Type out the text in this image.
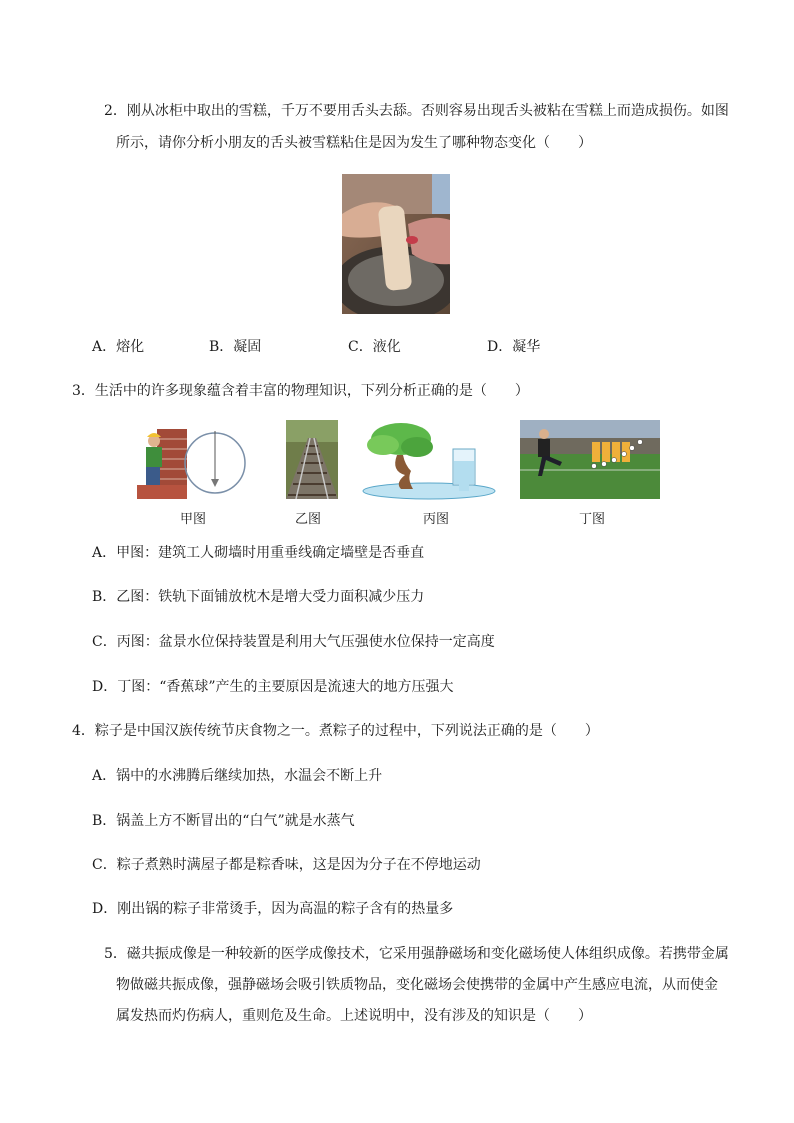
2．刚从冰柜中取出的雪糕，千万不要用舌头去舔。否则容易出现舌头被粘在雪糕上而造成损伤。如图
所示，请你分析小朋友的舌头被雪糕粘住是因为发生了哪种物态变化（　　）
A．熔化	B．凝固	C．液化	D．凝华
3．生活中的许多现象蕴含着丰富的物理知识，下列分析正确的是（　　）
甲图	乙图	丙图	丁图
A．甲图：建筑工人砌墙时用重垂线确定墙壁是否垂直
B．乙图：铁轨下面铺放枕木是增大受力面积减少压力
C．丙图：盆景水位保持装置是利用大气压强使水位保持一定高度
D．丁图：“香蕉球”产生的主要原因是流速大的地方压强大
4．粽子是中国汉族传统节庆食物之一。煮粽子的过程中，下列说法正确的是（　　）
A．锅中的水沸腾后继续加热，水温会不断上升
B．锅盖上方不断冒出的“白气”就是水蒸气
C．粽子煮熟时满屋子都是粽香味，这是因为分子在不停地运动
D．刚出锅的粽子非常烫手，因为高温的粽子含有的热量多
5．磁共振成像是一种较新的医学成像技术，它采用强静磁场和变化磁场使人体组织成像。若携带金属
物做磁共振成像，强静磁场会吸引铁质物品，变化磁场会使携带的金属中产生感应电流，从而使金
属发热而灼伤病人，重则危及生命。上述说明中，没有涉及的知识是（　　）
